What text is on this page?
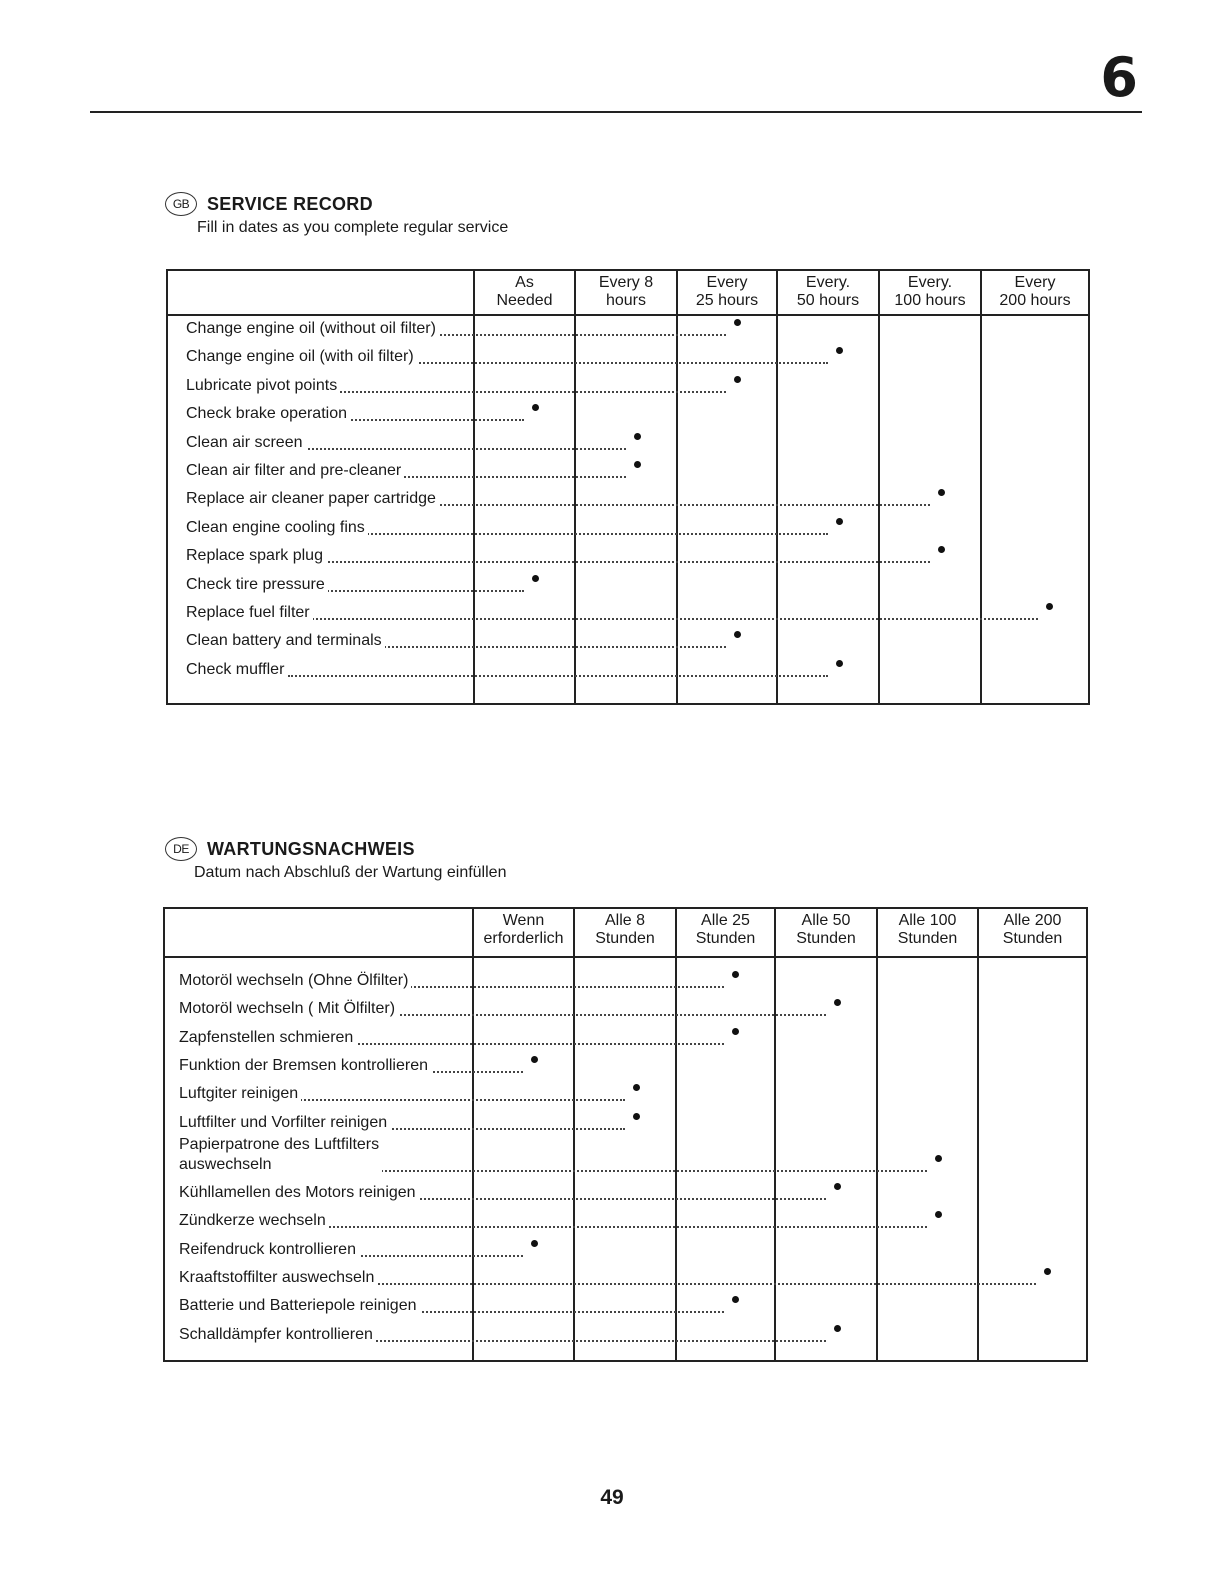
6
GB SERVICE RECORD
Fill in dates as you complete regular service
As
Needed
Every 8
hours
Every
25 hours
Every.
50 hours
Every.
100 hours
Every
200 hours
Change engine oil (without oil filter)
Change engine oil (with oil filter)
Lubricate pivot points
Check brake operation
Clean air screen
Clean air filter and pre-cleaner
Replace air cleaner paper cartridge
Clean engine cooling fins
Replace spark plug
Check tire pressure
Replace fuel filter
Clean battery and terminals
Check muffler
DE	WARTUNGSNACHWEIS
Datum nach Abschluß der Wartung einfüllen
Wenn
erforderlich
Alle 8
Stunden
Alle 25
Stunden
Alle 50
Stunden
Alle 100
Stunden
Alle 200
Stunden
Motoröl wechseln (Ohne Ölfilter)
Motoröl wechseln ( Mit Ölfilter)
Zapfenstellen schmieren
Funktion der Bremsen kontrollieren
Luftgiter reinigen
Luftfilter und Vorfilter reinigen
Papierpatrone des Luftfilters
auswechseln
Kühllamellen des Motors reinigen
Zündkerze wechseln
Reifendruck kontrollieren
Kraaftstoffilter auswechseln
Batterie und Batteriepole reinigen
Schalldämpfer kontrollieren
49
